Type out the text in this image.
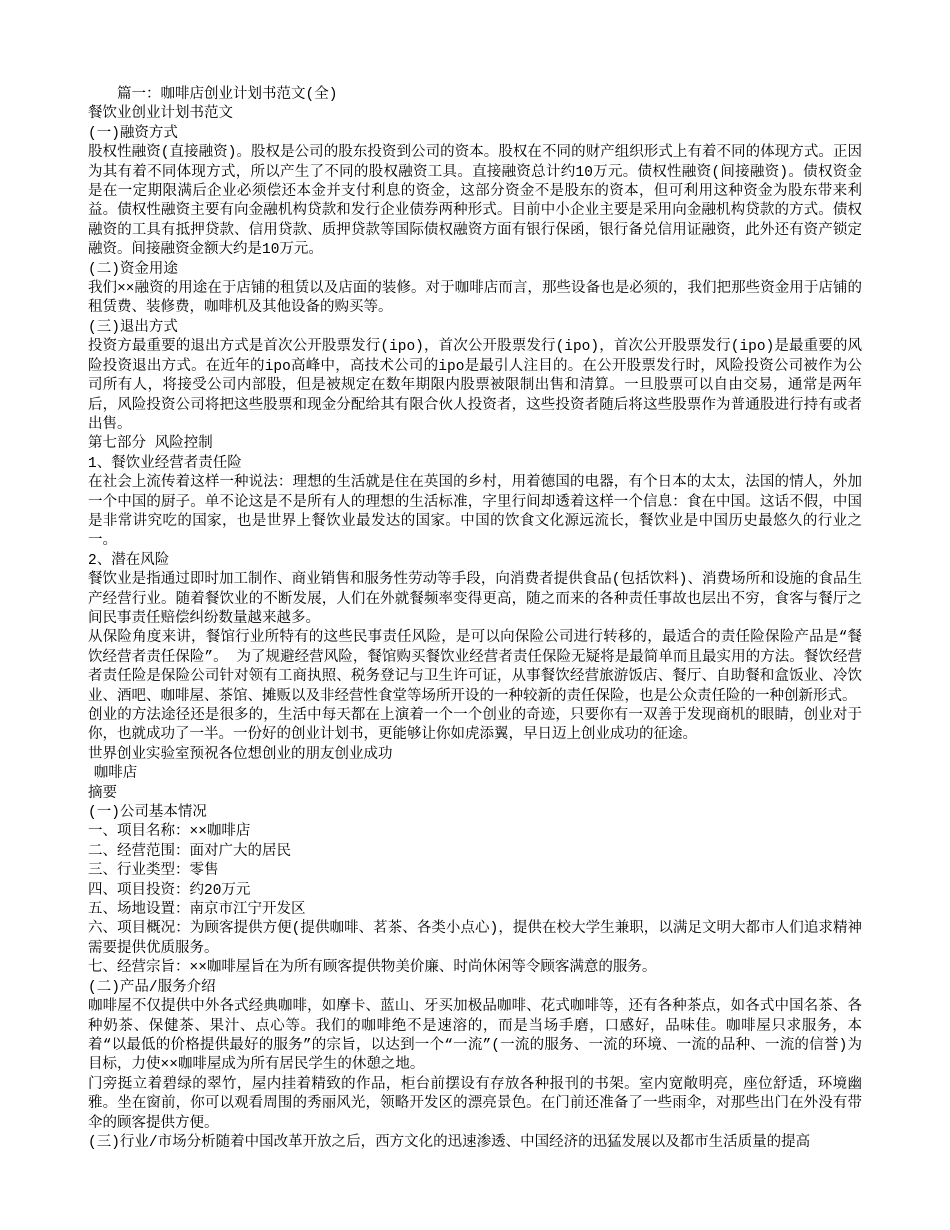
篇一：咖啡店创业计划书范文(全)

餐饮业创业计划书范文

(一)融资方式

股权性融资(直接融资)。股权是公司的股东投资到公司的资本。股权在不同的财产组织形式上有着不同的体现方式。正因为其有着不同体现方式，所以产生了不同的股权融资工具。直接融资总计约10万元。债权性融资(间接融资)。债权资金是在一定期限满后企业必须偿还本金并支付利息的资金，这部分资金不是股东的资本，但可利用这种资金为股东带来利益。债权性融资主要有向金融机构贷款和发行企业债券两种形式。目前中小企业主要是采用向金融机构贷款的方式。债权融资的工具有抵押贷款、信用贷款、质押贷款等国际债权融资方面有银行保函，银行备兑信用证融资，此外还有资产锁定融资。间接融资金额大约是10万元。

(二)资金用途

我们××融资的用途在于店铺的租赁以及店面的装修。对于咖啡店而言，那些设备也是必须的，我们把那些资金用于店铺的租赁费、装修费，咖啡机及其他设备的购买等。

(三)退出方式

投资方最重要的退出方式是首次公开股票发行(ipo)，首次公开股票发行(ipo)，首次公开股票发行(ipo)是最重要的风险投资退出方式。在近年的ipo高峰中，高技术公司的ipo是最引人注目的。在公开股票发行时，风险投资公司被作为公司所有人，将接受公司内部股，但是被规定在数年期限内股票被限制出售和清算。一旦股票可以自由交易，通常是两年后，风险投资公司将把这些股票和现金分配给其有限合伙人投资者，这些投资者随后将这些股票作为普通股进行持有或者出售。

第七部分 风险控制

1、餐饮业经营者责任险

在社会上流传着这样一种说法：理想的生活就是住在英国的乡村，用着德国的电器，有个日本的太太，法国的情人，外加一个中国的厨子。单不论这是不是所有人的理想的生活标准，字里行间却透着这样一个信息：食在中国。这话不假，中国是非常讲究吃的国家，也是世界上餐饮业最发达的国家。中国的饮食文化源远流长，餐饮业是中国历史最悠久的行业之一。

2、潜在风险

餐饮业是指通过即时加工制作、商业销售和服务性劳动等手段，向消费者提供食品(包括饮料)、消费场所和设施的食品生产经营行业。随着餐饮业的不断发展，人们在外就餐频率变得更高，随之而来的各种责任事故也层出不穷，食客与餐厅之间民事责任赔偿纠纷数量越来越多。

从保险角度来讲，餐馆行业所特有的这些民事责任风险，是可以向保险公司进行转移的，最适合的责任险保险产品是“餐饮经营者责任保险”。 为了规避经营风险，餐馆购买餐饮业经营者责任保险无疑将是最简单而且最实用的方法。餐饮经营者责任险是保险公司针对领有工商执照、税务登记与卫生许可证，从事餐饮经营旅游饭店、餐厅、自助餐和盒饭业、冷饮业、酒吧、咖啡屋、茶馆、摊贩以及非经营性食堂等场所开设的一种较新的责任保险，也是公众责任险的一种创新形式。

创业的方法途径还是很多的，生活中每天都在上演着一个一个创业的奇迹，只要你有一双善于发现商机的眼睛，创业对于你，也就成功了一半。一份好的创业计划书，更能够让你如虎添翼，早日迈上创业成功的征途。

世界创业实验室预祝各位想创业的朋友创业成功

咖啡店

摘要

(一)公司基本情况

一、项目名称：××咖啡店

二、经营范围：面对广大的居民

三、行业类型：零售

四、项目投资：约20万元

五、场地设置：南京市江宁开发区

六、项目概况：为顾客提供方便(提供咖啡、茗茶、各类小点心)，提供在校大学生兼职，以满足文明大都市人们追求精神需要提供优质服务。

七、经营宗旨：××咖啡屋旨在为所有顾客提供物美价廉、时尚休闲等令顾客满意的服务。

(二)产品/服务介绍

咖啡屋不仅提供中外各式经典咖啡，如摩卡、蓝山、牙买加极品咖啡、花式咖啡等，还有各种茶点，如各式中国名茶、各种奶茶、保健茶、果汁、点心等。我们的咖啡绝不是速溶的，而是当场手磨，口感好，品味佳。咖啡屋只求服务，本着“以最低的价格提供最好的服务”的宗旨，以达到一个“一流”(一流的服务、一流的环境、一流的品种、一流的信誉)为目标，力使××咖啡屋成为所有居民学生的休憩之地。

门旁挺立着碧绿的翠竹，屋内挂着精致的作品，柜台前摆设有存放各种报刊的书架。室内宽敞明亮，座位舒适，环境幽雅。坐在窗前，你可以观看周围的秀丽风光，领略开发区的漂亮景色。在门前还准备了一些雨伞，对那些出门在外没有带伞的顾客提供方便。

(三)行业/市场分析随着中国改革开放之后，西方文化的迅速渗透、中国经济的迅猛发展以及都市生活质量的提高
